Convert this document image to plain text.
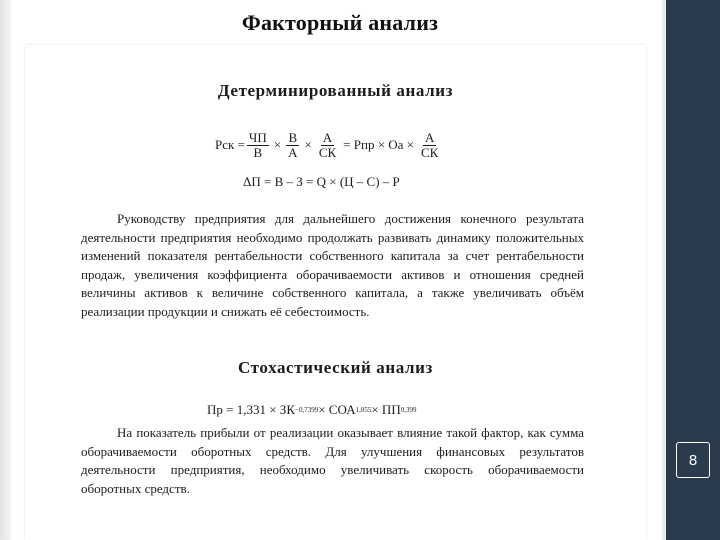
Факторный анализ
Детерминированный анализ
Рск = $\frac{ЧП}{В} \times \frac{В}{А} \times \frac{А}{СК}$ = Рпр × Оа × $\frac{А}{СК}$
ΔП = В – З = Q × (Ц – С) – Р

Руководству предприятия для дальнейшего достижения конечного результата деятельности предприятия необходимо продолжать развивать динамику положительных изменений показателя рентабельности собственного капитала за счет рентабельности продаж, увеличения коэффициента оборачиваемости активов и отношения средней величины активов к величине собственного капитала, а также увеличивать объём реализации продукции и снижать её себестоимость.

Стохастический анализ
Пр = 1,331 × ЗК −0,7399 × СОА 1,055 × ПП 0,399

На показатель прибыли от реализации оказывает влияние такой фактор, как сумма оборачиваемости оборотных средств. Для улучшения финансовых результатов деятельности предприятия, необходимо увеличивать скорость оборачиваемости оборотных средств.

8
